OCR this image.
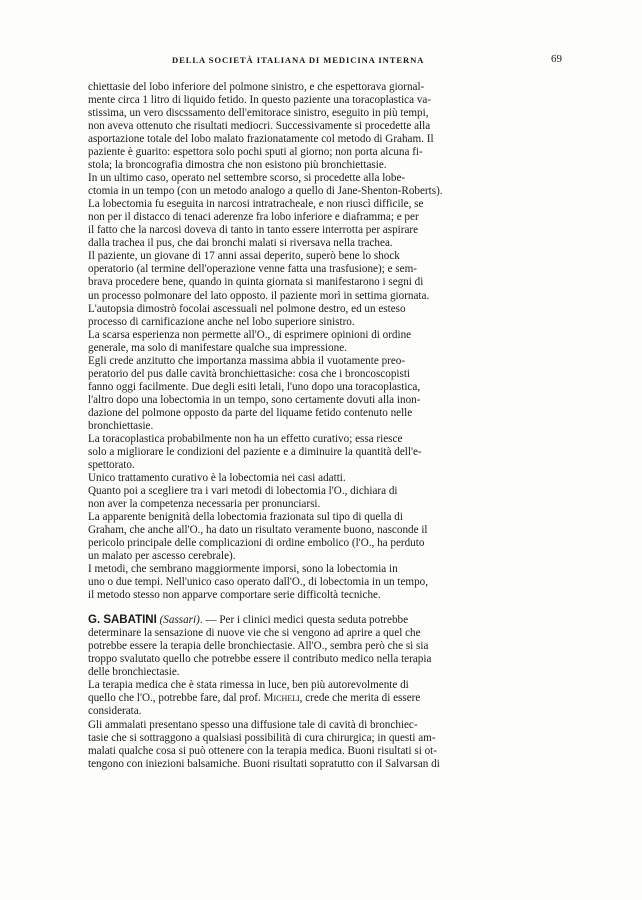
DELLA SOCIETÀ ITALIANA DI MEDICINA INTERNA	69
chiettasie del lobo inferiore del polmone sinistro, e che espettorava giornal-
mente circa 1 litro di liquido fetido. In questo paziente una toracoplastica va-
stissima, un vero discssamento dell'emitorace sinistro, eseguito in più tempi,
non aveva ottenuto che risultati mediocri. Successivamente si procedette alla
asportazione totale del lobo malato frazionatamente col metodo di Graham. Il
paziente è guarito: espettora solo pochi sputi al giorno; non porta alcuna fi-
stola; la broncografia dimostra che non esistono più bronchiettasie.
In un ultimo caso, operato nel settembre scorso, si procedette alla lobe-
ctomia in un tempo (con un metodo analogo a quello di Jane-Shenton-Roberts).
La lobectomia fu eseguita in narcosi intratracheale, e non riuscì difficile, se
non per il distacco di tenaci aderenze fra lobo inferiore e diaframma; e per
il fatto che la narcosi doveva di tanto in tanto essere interrotta per aspirare
dalla trachea il pus, che dai bronchi malati si riversava nella trachea.
Il paziente, un giovane di 17 anni assai deperito, superò bene lo shock
operatorio (al termine dell'operazione venne fatta una trasfusione); e sem-
brava procedere bene, quando in quinta giornata si manifestarono i segni di
un processo polmonare del lato opposto. il paziente morì in settima giornata.
L'autopsia dimostrò focolai ascessuali nel polmone destro, ed un esteso
processo di carnificazione anche nel lobo superiore sinistro.
La scarsa esperienza non permette all'O., di esprimere opinioni di ordine
generale, ma solo di manifestare qualche sua impressione.
Egli crede anzitutto che importanza massima abbia il vuotamente preo-
peratorio del pus dalle cavità bronchiettasiche: cosa che i broncoscopisti
fanno oggi facilmente. Due degli esiti letali, l'uno dopo una toracoplastica,
l'altro dopo una lobectomia in un tempo, sono certamente dovuti alla inon-
dazione del polmone opposto da parte del liquame fetido contenuto nelle
bronchiettasie.
La toracoplastica probabilmente non ha un effetto curativo; essa riesce
solo a migliorare le condizioni del paziente e a diminuire la quantità dell'e-
spettorato.
Unico trattamento curativo è la lobectomia nei casi adatti.
Quanto poi a scegliere tra i vari metodi di lobectomia l'O., dichiara di
non aver la competenza necessaria per pronunciarsi.
La apparente benignità della lobectomia frazionata sul tipo di quella di
Graham, che anche all'O., ha dato un risultato veramente buono, nasconde il
pericolo principale delle complicazioni di ordine embolico (l'O., ha perduto
un malato per ascesso cerebrale).
I metodi, che sembrano maggiormente imporsi, sono la lobectomia in
uno o due tempi. Nell'unico caso operato dall'O., di lobectomia in un tempo,
il metodo stesso non apparve comportare serie difficoltà tecniche.
G. SABATINI (Sassari). — Per i clinici medici questa seduta potrebbe
determinare la sensazione di nuove vie che si vengono ad aprire a quel che
potrebbe essere la terapia delle bronchiectasie. All'O., sembra però che si sia
troppo svalutato quello che potrebbe essere il contributo medico nella terapia
delle bronchiectasie.
La terapia medica che è stata rimessa in luce, ben più autorevolmente di
quello che l'O., potrebbe fare, dal prof. Micheli, crede che merita di essere
considerata.
Gli ammalati presentano spesso una diffusione tale di cavità di bronchiec-
tasie che si sottraggono a qualsiasi possibilità di cura chirurgica; in questi am-
malati qualche cosa si può ottenere con la terapia medica. Buoni risultati si ot-
tengono con iniezioni balsamiche. Buoni risultati sopratutto con il Salvarsan di
